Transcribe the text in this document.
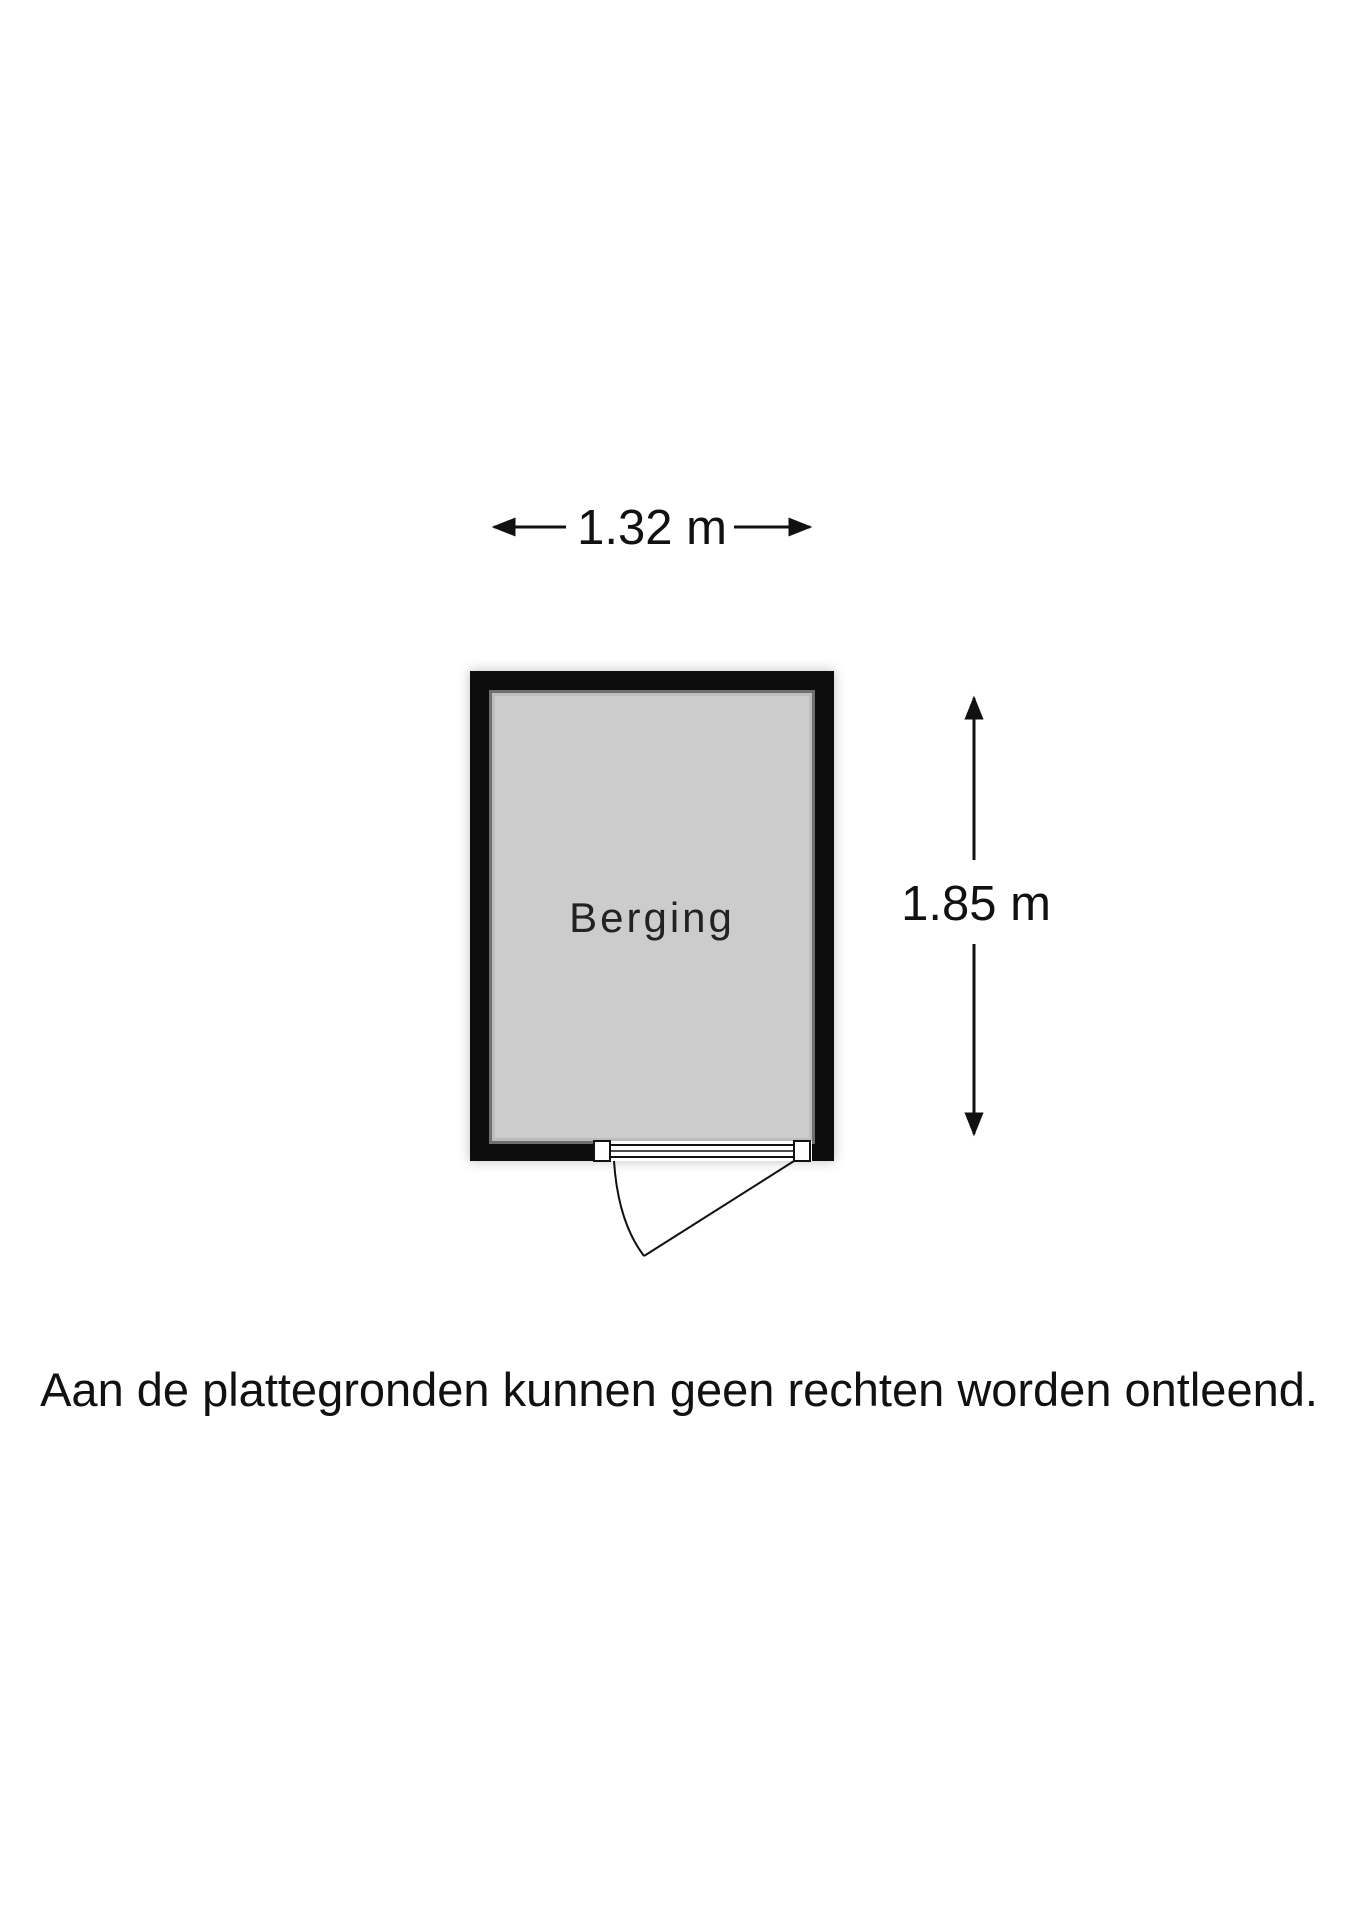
1.32 m
Berging	1.85 m
Aan de plattegronden kunnen geen rechten worden ontleend.
